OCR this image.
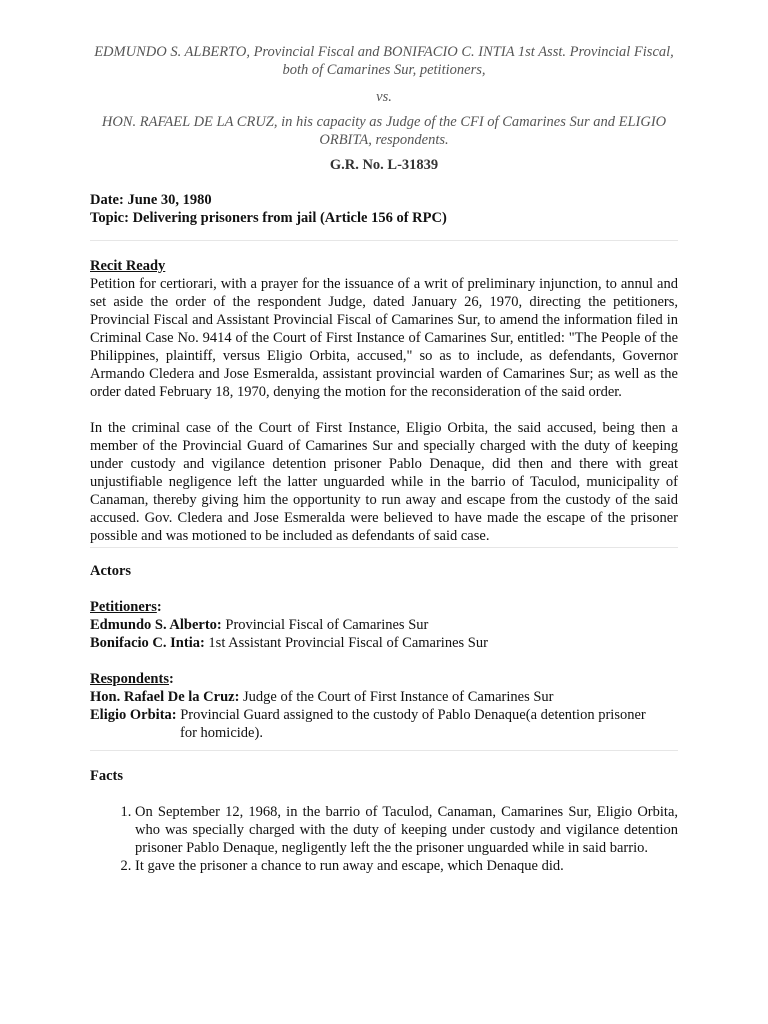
EDMUNDO S. ALBERTO, Provincial Fiscal and BONIFACIO C. INTIA 1st Asst. Provincial Fiscal, both of Camarines Sur, petitioners,

vs.

HON. RAFAEL DE LA CRUZ, in his capacity as Judge of the CFI of Camarines Sur and ELIGIO ORBITA, respondents.

G.R. No. L-31839
Date: June 30, 1980
Topic: Delivering prisoners from jail (Article 156 of RPC)
Recit Ready

Petition for certiorari, with a prayer for the issuance of a writ of preliminary injunction, to annul and set aside the order of the respondent Judge, dated January 26, 1970, directing the petitioners, Provincial Fiscal and Assistant Provincial Fiscal of Camarines Sur, to amend the information filed in Criminal Case No. 9414 of the Court of First Instance of Camarines Sur, entitled: "The People of the Philippines, plaintiff, versus Eligio Orbita, accused," so as to include, as defendants, Governor Armando Cledera and Jose Esmeralda, assistant provincial warden of Camarines Sur; as well as the order dated February 18, 1970, denying the motion for the reconsideration of the said order.

In the criminal case of the Court of First Instance, Eligio Orbita, the said accused, being then a member of the Provincial Guard of Camarines Sur and specially charged with the duty of keeping under custody and vigilance detention prisoner Pablo Denaque, did then and there with great unjustifiable negligence left the latter unguarded while in the barrio of Taculod, municipality of Canaman, thereby giving him the opportunity to run away and escape from the custody of the said accused. Gov. Cledera and Jose Esmeralda were believed to have made the escape of the prisoner possible and was motioned to be included as defendants of said case.

Actors
Petitioners:
Edmundo S. Alberto: Provincial Fiscal of Camarines Sur
Bonifacio C. Intia: 1st Assistant Provincial Fiscal of Camarines Sur
Respondents:
Hon. Rafael De la Cruz: Judge of the Court of First Instance of Camarines Sur
Eligio Orbita: Provincial Guard assigned to the custody of Pablo Denaque(a detention prisoner
for homicide).
Facts
1. On September 12, 1968, in the barrio of Taculod, Canaman, Camarines Sur, Eligio Orbita, who was specially charged with the duty of keeping under custody and vigilance detention prisoner Pablo Denaque, negligently left the the prisoner unguarded while in said barrio.
2. It gave the prisoner a chance to run away and escape, which Denaque did.
